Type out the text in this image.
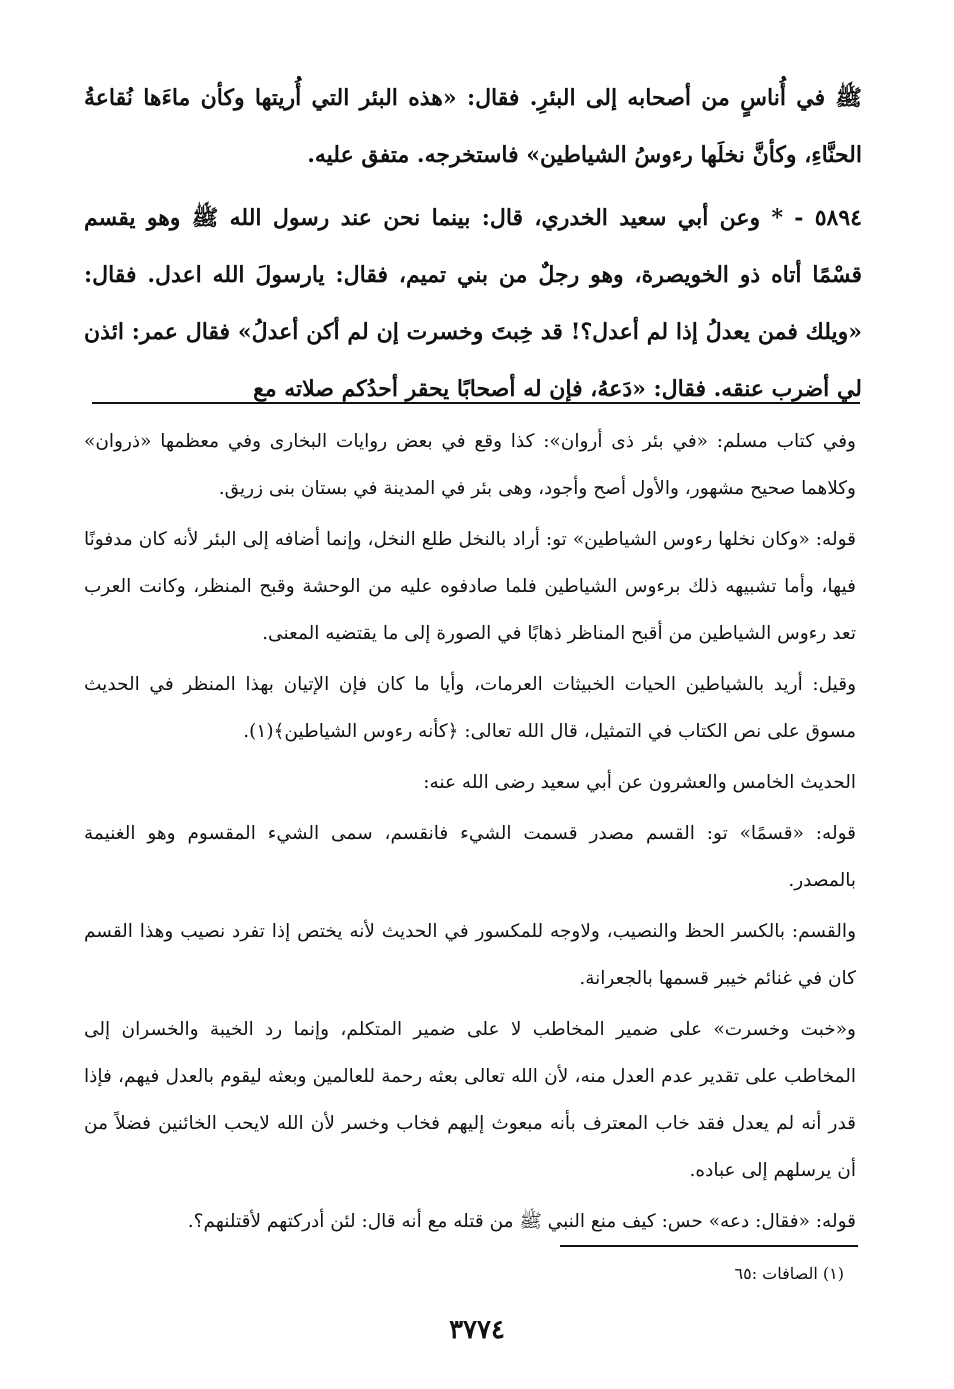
ﷺ في أُناسٍ من أصحابه إلى البئرِ. فقال: «هذه البئر التي أُريتها وكأن ماءَها نُقاعةُ الحنَّاءِ، وكأنَّ نخلَها رءوسُ الشياطين» فاستخرجه. متفق عليه.

٥٨٩٤ - * وعن أبي سعيد الخدري، قال: بينما نحن عند رسول الله ﷺ وهو يقسم قسْمًا أتاه ذو الخويصرة، وهو رجلٌ من بني تميم، فقال: يارسولَ الله اعدل. فقال: «ويلك فمن يعدلُ إذا لم أعدل؟! قد خِبتَ وخسرت إن لم أكن أعدلُ» فقال عمر: ائذن لي أضرب عنقه. فقال: «دَعهُ، فإن له أصحابًا يحقر أحدُكم صلاته مع

وفي كتاب مسلم: «في بئر ذى أروان»: كذا وقع في بعض روايات البخارى وفي معظمها «ذروان» وكلاهما صحيح مشهور، والأول أصح وأجود، وهى بئر في المدينة في بستان بنى زريق.

قوله: «وكان نخلها رءوس الشياطين» تو: أراد بالنخل طلع النخل، وإنما أضافه إلى البئر لأنه كان مدفونًا فيها، وأما تشبيهه ذلك برءوس الشياطين فلما صادفوه عليه من الوحشة وقبح المنظر، وكانت العرب تعد رءوس الشياطين من أقبح المناظر ذهابًا في الصورة إلى ما يقتضيه المعنى.

وقيل: أريد بالشياطين الحيات الخبيثات العرمات، وأيا ما كان فإن الإتيان بهذا المنظر في الحديث مسوق على نص الكتاب في التمثيل، قال الله تعالى: ﴿كأنه رءوس الشياطين﴾(١).

الحديث الخامس والعشرون عن أبي سعيد رضى الله عنه:

قوله: «قسمًا» تو: القسم مصدر قسمت الشيء فانقسم، سمى الشيء المقسوم وهو الغنيمة بالمصدر.

والقسم: بالكسر الحظ والنصيب، ولاوجه للمكسور في الحديث لأنه يختص إذا تفرد نصيب وهذا القسم كان في غنائم خيبر قسمها بالجعرانة.

و«خبت وخسرت» على ضمير المخاطب لا على ضمير المتكلم، وإنما رد الخيبة والخسران إلى المخاطب على تقدير عدم العدل منه، لأن الله تعالى بعثه رحمة للعالمين وبعثه ليقوم بالعدل فيهم، فإذا قدر أنه لم يعدل فقد خاب المعترف بأنه مبعوث إليهم فخاب وخسر لأن الله لايحب الخائنين فضلاً من أن يرسلهم إلى عباده.

قوله: «فقال: دعه» حس: كيف منع النبي ﷺ من قتله مع أنه قال: لئن أدركتهم لأقتلنهم؟.

(١) الصافات :٦٥
٣٧٧٤
